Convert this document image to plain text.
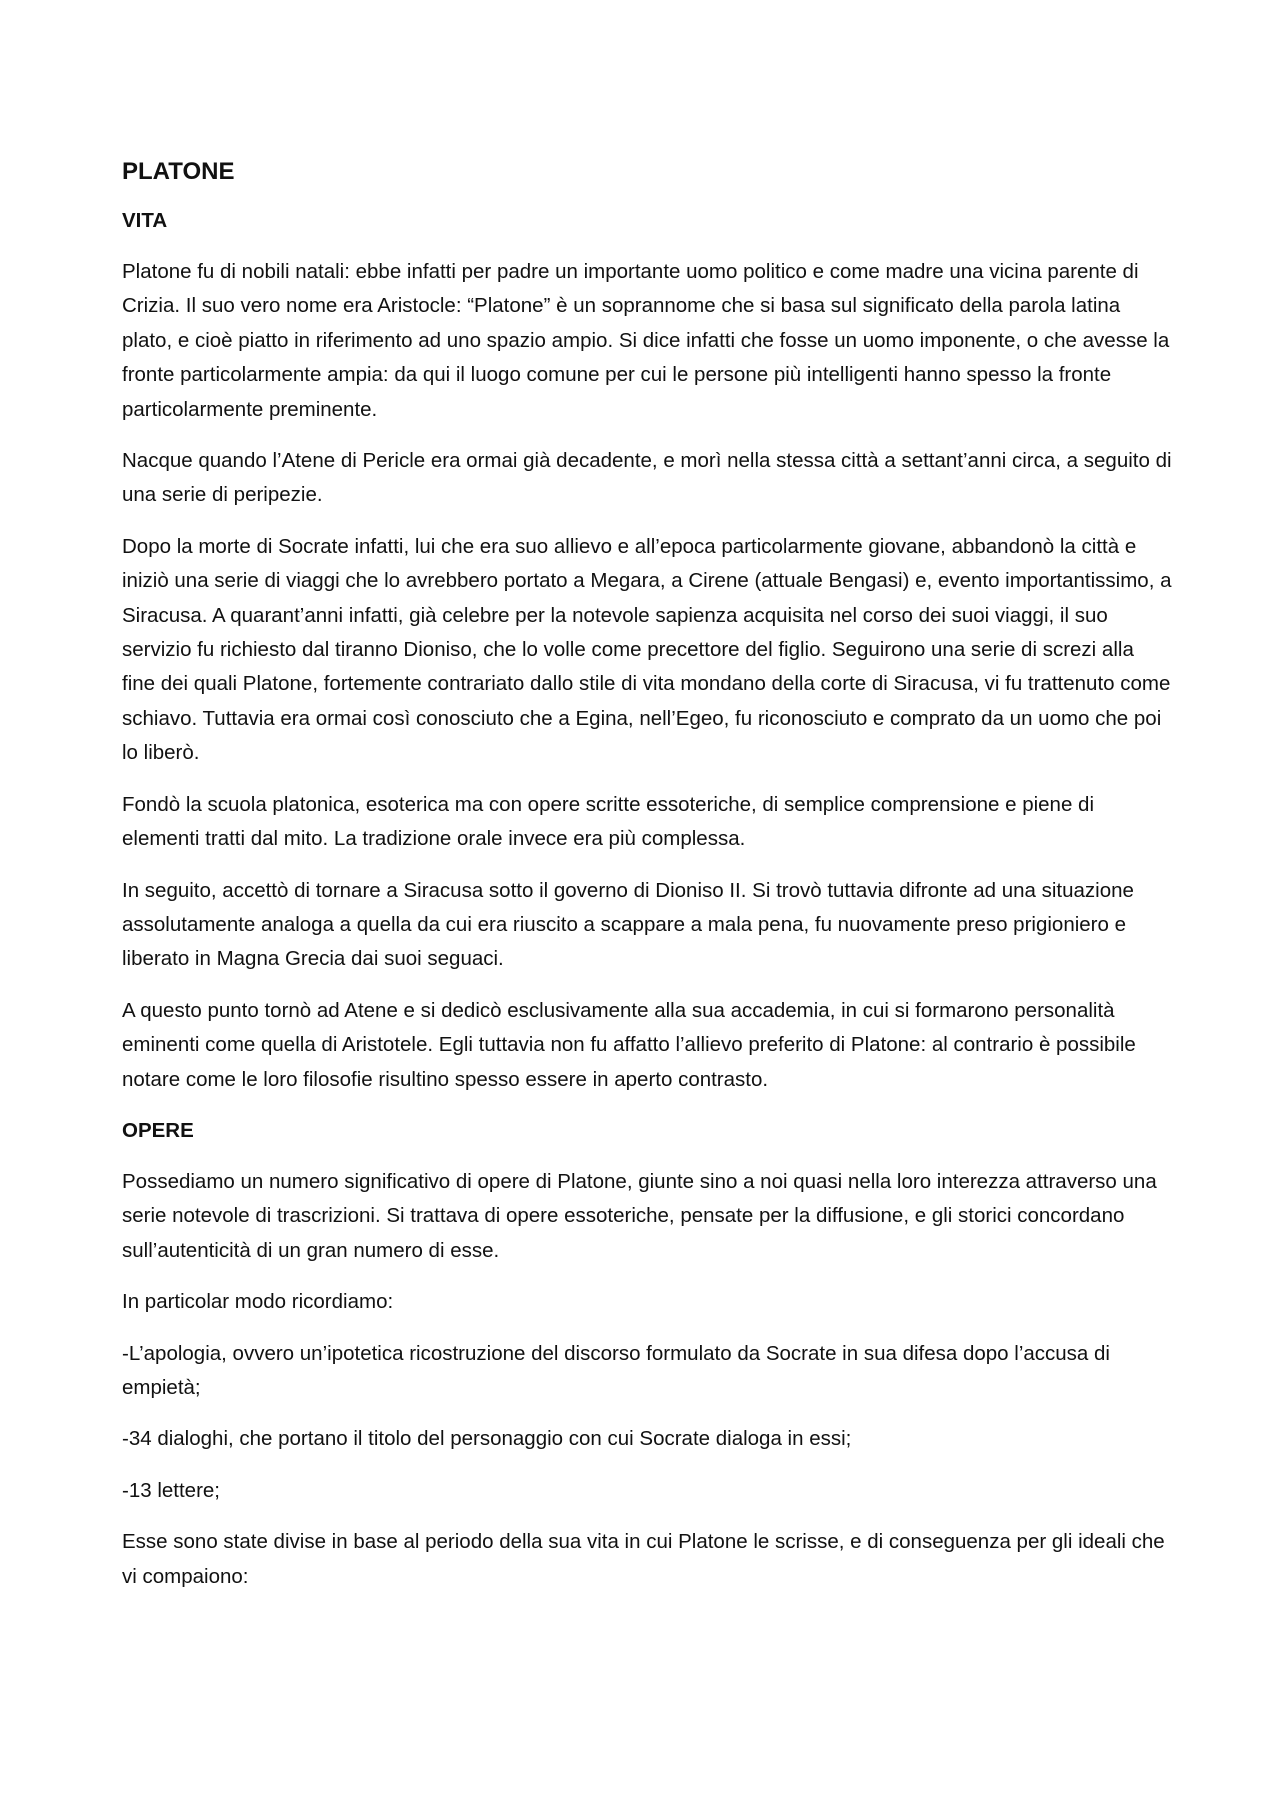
PLATONE
VITA

Platone fu di nobili natali: ebbe infatti per padre un importante uomo politico e come madre una vicina parente di Crizia. Il suo vero nome era Aristocle: “Platone” è un soprannome che si basa sul significato della parola latina plato, e cioè piatto in riferimento ad uno spazio ampio. Si dice infatti che fosse un uomo imponente, o che avesse la fronte particolarmente ampia: da qui il luogo comune per cui le persone più intelligenti hanno spesso la fronte particolarmente preminente.

Nacque quando l’Atene di Pericle era ormai già decadente, e morì nella stessa città a settant’anni circa, a seguito di una serie di peripezie.

Dopo la morte di Socrate infatti, lui che era suo allievo e all’epoca particolarmente giovane, abbandonò la città e iniziò una serie di viaggi che lo avrebbero portato a Megara, a Cirene (attuale Bengasi) e, evento importantissimo, a Siracusa. A quarant’anni infatti, già celebre per la notevole sapienza acquisita nel corso dei suoi viaggi, il suo servizio fu richiesto dal tiranno Dioniso, che lo volle come precettore del figlio. Seguirono una serie di screzi alla fine dei quali Platone, fortemente contrariato dallo stile di vita mondano della corte di Siracusa, vi fu trattenuto come schiavo. Tuttavia era ormai così conosciuto che a Egina, nell’Egeo, fu riconosciuto e comprato da un uomo che poi lo liberò.

Fondò la scuola platonica, esoterica ma con opere scritte essoteriche, di semplice comprensione e piene di elementi tratti dal mito. La tradizione orale invece era più complessa.

In seguito, accettò di tornare a Siracusa sotto il governo di Dioniso II. Si trovò tuttavia difronte ad una situazione assolutamente analoga a quella da cui era riuscito a scappare a mala pena, fu nuovamente preso prigioniero e liberato in Magna Grecia dai suoi seguaci.

A questo punto tornò ad Atene e si dedicò esclusivamente alla sua accademia, in cui si formarono personalità eminenti come quella di Aristotele. Egli tuttavia non fu affatto l’allievo preferito di Platone: al contrario è possibile notare come le loro filosofie risultino spesso essere in aperto contrasto.

OPERE

Possediamo un numero significativo di opere di Platone, giunte sino a noi quasi nella loro interezza attraverso una serie notevole di trascrizioni. Si trattava di opere essoteriche, pensate per la diffusione, e gli storici concordano sull’autenticità di un gran numero di esse.

In particolar modo ricordiamo:

-L’apologia, ovvero un’ipotetica ricostruzione del discorso formulato da Socrate in sua difesa dopo l’accusa di empietà;

-34 dialoghi, che portano il titolo del personaggio con cui Socrate dialoga in essi;

-13 lettere;

Esse sono state divise in base al periodo della sua vita in cui Platone le scrisse, e di conseguenza per gli ideali che vi compaiono:
